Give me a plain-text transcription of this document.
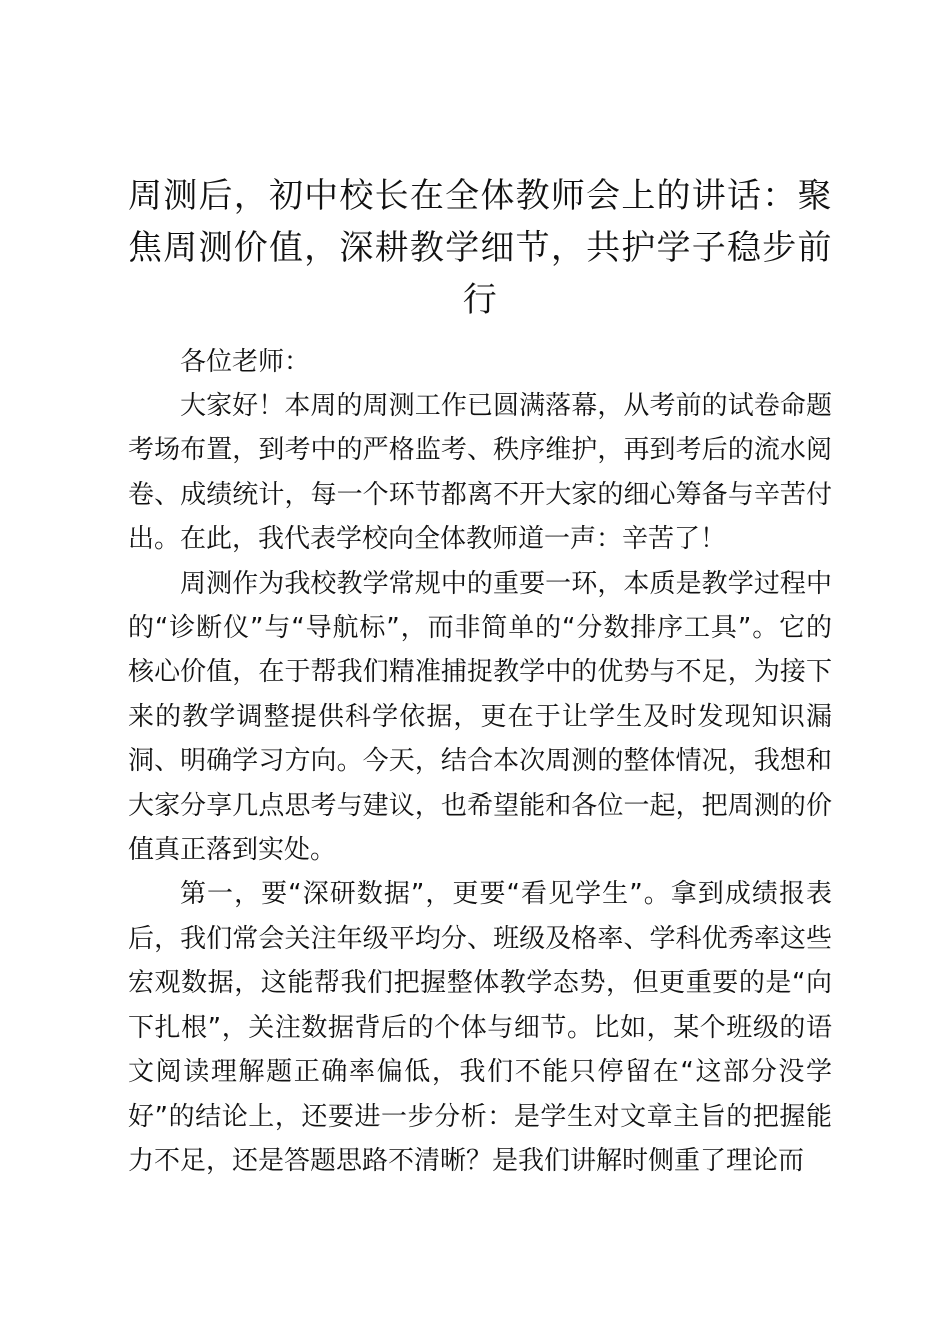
周测后，初中校长在全体教师会上的讲话：聚焦周测价值，深耕教学细节，共护学子稳步前行

各位老师：

大家好！本周的周测工作已圆满落幕，从考前的试卷命题考场布置，到考中的严格监考、秩序维护，再到考后的流水阅卷、成绩统计，每一个环节都离不开大家的细心筹备与辛苦付出。在此，我代表学校向全体教师道一声：辛苦了！

周测作为我校教学常规中的重要一环，本质是教学过程中的“诊断仪”与“导航标”，而非简单的“分数排序工具”。它的核心价值，在于帮我们精准捕捉教学中的优势与不足，为接下来的教学调整提供科学依据，更在于让学生及时发现知识漏洞、明确学习方向。今天，结合本次周测的整体情况，我想和大家分享几点思考与建议，也希望能和各位一起，把周测的价值真正落到实处。

第一，要“深研数据”，更要“看见学生”。拿到成绩报表后，我们常会关注年级平均分、班级及格率、学科优秀率这些宏观数据，这能帮我们把握整体教学态势，但更重要的是“向下扎根”，关注数据背后的个体与细节。比如，某个班级的语文阅读理解题正确率偏低，我们不能只停留在“这部分没学好”的结论上，还要进一步分析：是学生对文章主旨的把握能力不足，还是答题思路不清晰？是我们讲解时侧重了理论而
